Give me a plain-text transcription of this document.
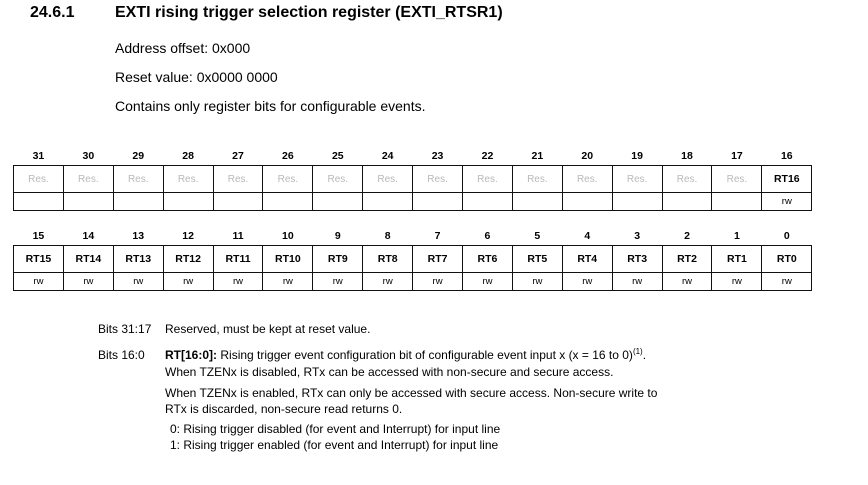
24.6.1	EXTI rising trigger selection register (EXTI_RTSR1)
Address offset: 0x000
Reset value: 0x0000 0000
Contains only register bits for configurable events.
31	30	29	28	27	26	25	24	23	22	21	20	19	18	17	16
Res.	Res.	Res.	Res.	Res.	Res.	Res.	Res.	Res.	Res.	Res.	Res.	Res.	Res.	Res.	RT16
															rw
15	14	13	12	11	10	9	8	7	6	5	4	3	2	1	0
RT15	RT14	RT13	RT12	RT11	RT10	RT9	RT8	RT7	RT6	RT5	RT4	RT3	RT2	RT1	RT0
rw	rw	rw	rw	rw	rw	rw	rw	rw	rw	rw	rw	rw	rw	rw	rw
Bits 31:17 Reserved, must be kept at reset value.
Bits 16:0 RT[16:0]: Rising trigger event configuration bit of configurable event input x (x = 16 to 0)$^{(1)}$.
When TZENx is disabled, RTx can be accessed with non-secure and secure access.
When TZENx is enabled, RTx can only be accessed with secure access. Non-secure write to
RTx is discarded, non-secure read returns 0.
0: Rising trigger disabled (for event and Interrupt) for input line
1: Rising trigger enabled (for event and Interrupt) for input line
